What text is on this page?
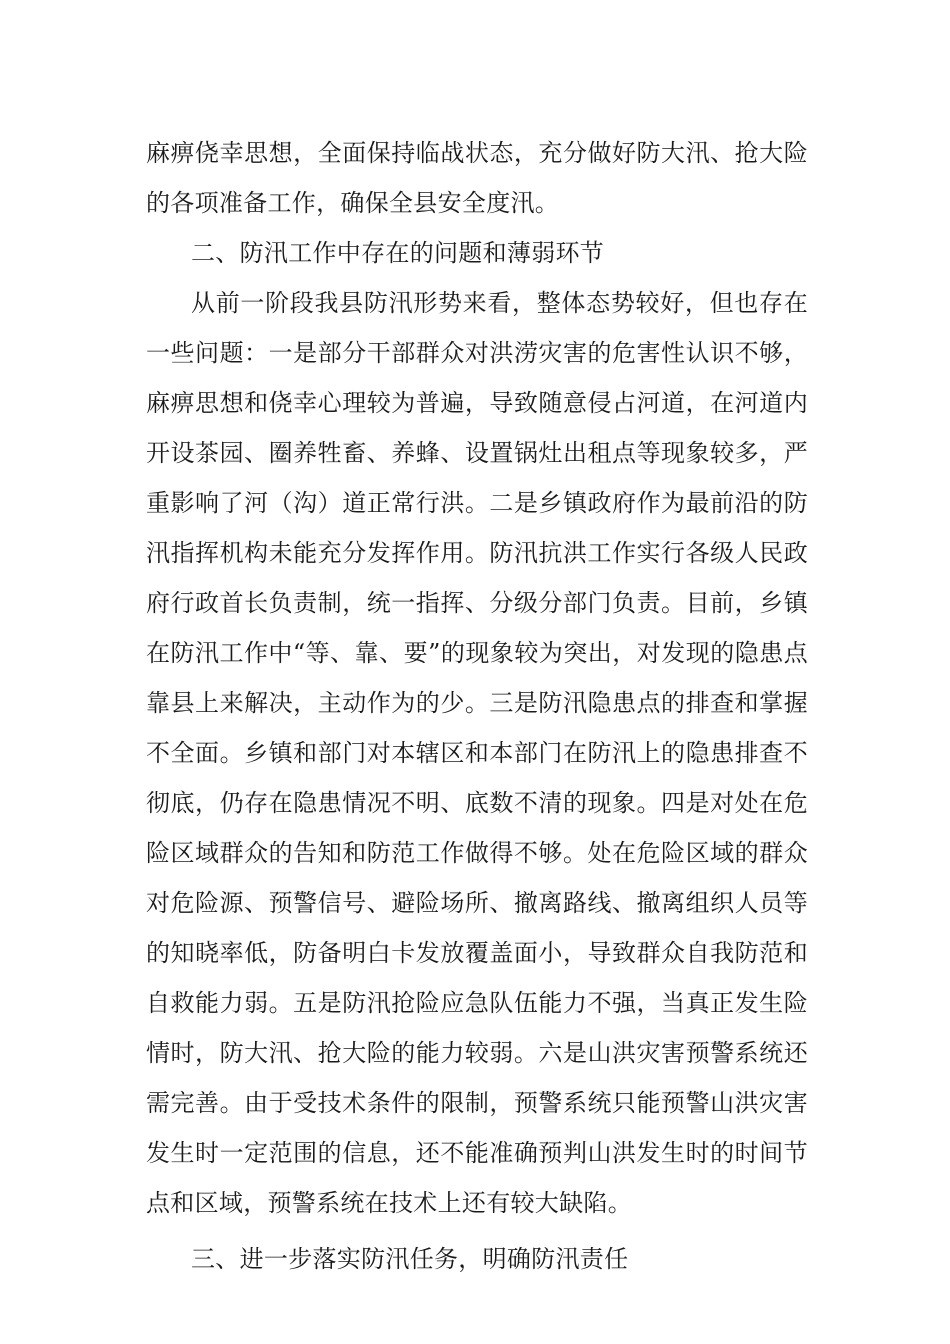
麻痹侥幸思想，全面保持临战状态，充分做好防大汛、抢大险的各项准备工作，确保全县安全度汛。

二、防汛工作中存在的问题和薄弱环节

从前一阶段我县防汛形势来看，整体态势较好，但也存在一些问题：一是部分干部群众对洪涝灾害的危害性认识不够，麻痹思想和侥幸心理较为普遍，导致随意侵占河道，在河道内开设茶园、圈养牲畜、养蜂、设置锅灶出租点等现象较多，严重影响了河（沟）道正常行洪。二是乡镇政府作为最前沿的防汛指挥机构未能充分发挥作用。防汛抗洪工作实行各级人民政府行政首长负责制，统一指挥、分级分部门负责。目前，乡镇在防汛工作中“等、靠、要”的现象较为突出，对发现的隐患点靠县上来解决，主动作为的少。三是防汛隐患点的排查和掌握不全面。乡镇和部门对本辖区和本部门在防汛上的隐患排查不彻底，仍存在隐患情况不明、底数不清的现象。四是对处在危险区域群众的告知和防范工作做得不够。处在危险区域的群众对危险源、预警信号、避险场所、撤离路线、撤离组织人员等的知晓率低，防备明白卡发放覆盖面小，导致群众自我防范和自救能力弱。五是防汛抢险应急队伍能力不强，当真正发生险情时，防大汛、抢大险的能力较弱。六是山洪灾害预警系统还需完善。由于受技术条件的限制，预警系统只能预警山洪灾害发生时一定范围的信息，还不能准确预判山洪发生时的时间节点和区域，预警系统在技术上还有较大缺陷。

三、进一步落实防汛任务，明确防汛责任
